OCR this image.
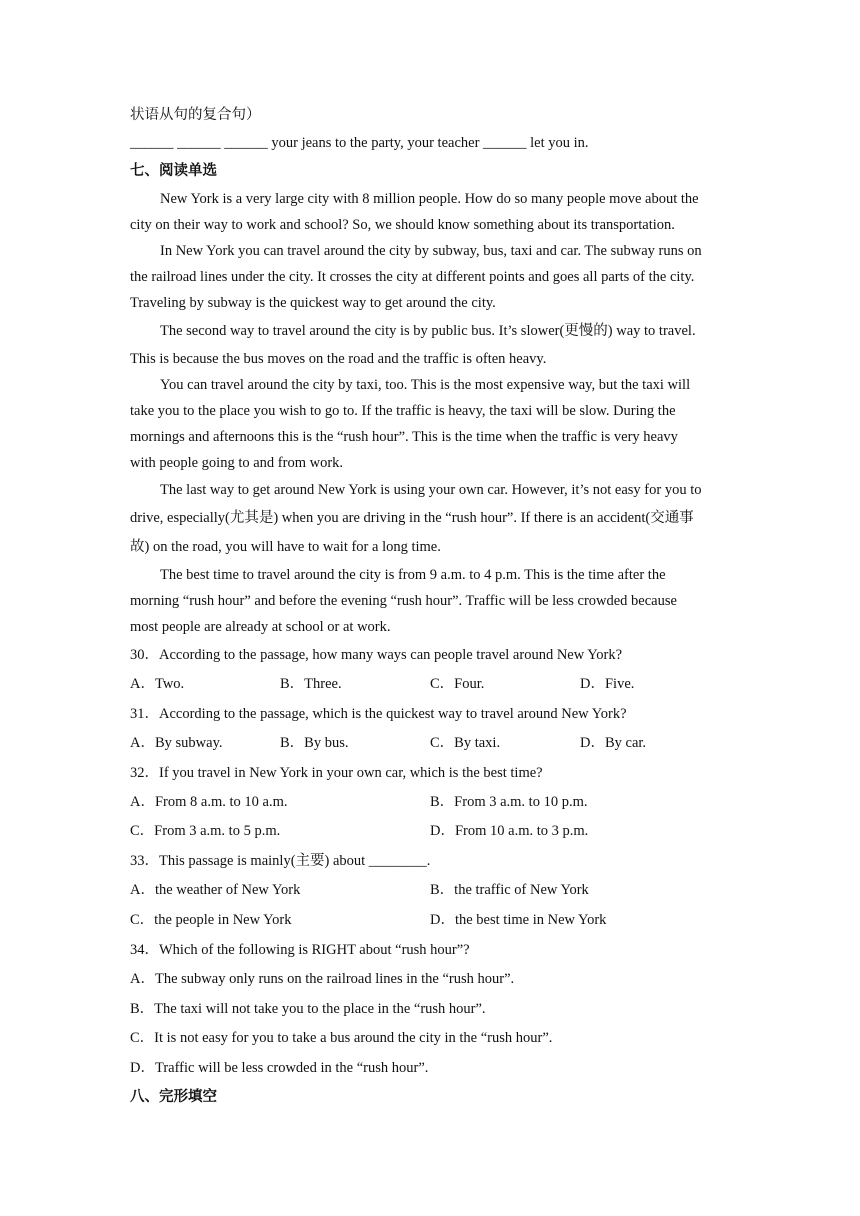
状语从句的复合句）
______ ______ ______ your jeans to the party, your teacher ______ let you in.
七、阅读单选
New York is a very large city with 8 million people. How do so many people move about the
city on their way to work and school? So, we should know something about its transportation.
In New York you can travel around the city by subway, bus, taxi and car. The subway runs on
the railroad lines under the city. It crosses the city at different points and goes all parts of the city.
Traveling by subway is the quickest way to get around the city.
The second way to travel around the city is by public bus. It’s slower(更慢的) way to travel.
This is because the bus moves on the road and the traffic is often heavy.
You can travel around the city by taxi, too. This is the most expensive way, but the taxi will
take you to the place you wish to go to. If the traffic is heavy, the taxi will be slow. During the
mornings and afternoons this is the “rush hour”. This is the time when the traffic is very heavy
with people going to and from work.
The last way to get around New York is using your own car. However, it’s not easy for you to
drive, especially(尤其是) when you are driving in the “rush hour”. If there is an accident(交通事
故) on the road, you will have to wait for a long time.
The best time to travel around the city is from 9 a.m. to 4 p.m. This is the time after the
morning “rush hour” and before the evening “rush hour”. Traffic will be less crowded because
most people are already at school or at work.
30．According to the passage, how many ways can people travel around New York?
A．Two.	B．Three.	C．Four.	D．Five.
31．According to the passage, which is the quickest way to travel around New York?
A．By subway.	B．By bus.	C．By taxi.	D．By car.
32．If you travel in New York in your own car, which is the best time?
A．From 8 a.m. to 10 a.m.	B．From 3 a.m. to 10 p.m.
C．From 3 a.m. to 5 p.m.	D．From 10 a.m. to 3 p.m.
33．This passage is mainly(主要) about ________.
A．the weather of New York	B．the traffic of New York
C．the people in New York	D．the best time in New York
34．Which of the following is RIGHT about “rush hour”?
A．The subway only runs on the railroad lines in the “rush hour”.
B．The taxi will not take you to the place in the “rush hour”.
C．It is not easy for you to take a bus around the city in the “rush hour”.
D．Traffic will be less crowded in the “rush hour”.
八、完形填空
